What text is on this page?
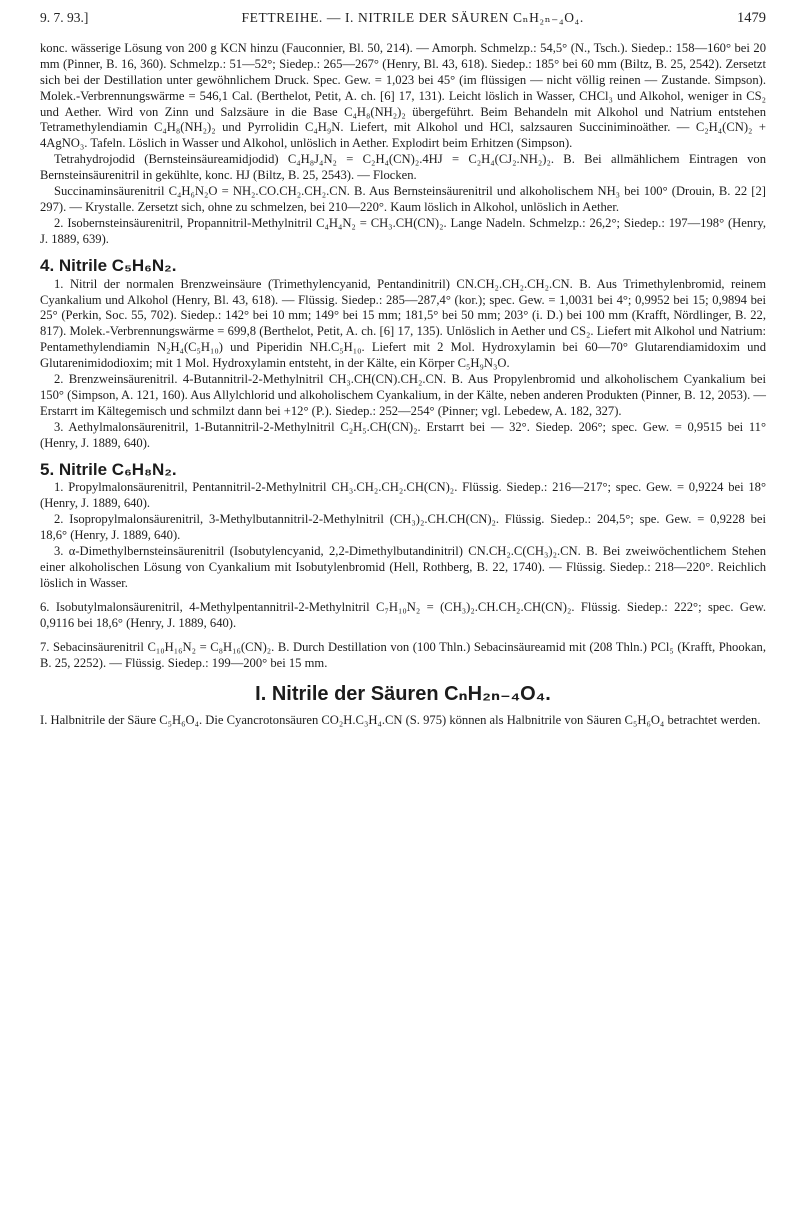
9. 7. 93.]	FETTREIHE. — I. NITRILE DER SÄUREN CₙH₂ₙ₋₄O₄.	1479

konc. wässerige Lösung von 200 g KCN hinzu (Fauconnier, Bl. 50, 214). — Amorph. Schmelzp.: 54,5° (N., Tsch.). Siedep.: 158—160° bei 20 mm (Pinner, B. 16, 360). Schmelzp.: 51—52°; Siedep.: 265—267° (Henry, Bl. 43, 618). Siedep.: 185° bei 60 mm (Biltz, B. 25, 2542). Zersetzt sich bei der Destillation unter gewöhnlichem Druck. Spec. Gew. = 1,023 bei 45° (im flüssigen — nicht völlig reinen — Zustande. Simpson). Molek.-Verbrennungswärme = 546,1 Cal. (Berthelot, Petit, A. ch. [6] 17, 131). Leicht löslich in Wasser, CHCl₃ und Alkohol, weniger in CS₂ und Aether. Wird von Zinn und Salzsäure in die Base C₄H₈(NH₂)₂ übergeführt. Beim Behandeln mit Alkohol und Natrium entstehen Tetramethylendiamin C₄H₈(NH₂)₂ und Pyrrolidin C₄H₉N. Liefert, mit Alkohol und HCl, salzsauren Succiniminoäther. — C₂H₄(CN)₂ + 4AgNO₃. Tafeln. Löslich in Wasser und Alkohol, unlöslich in Aether. Explodirt beim Erhitzen (Simpson).

Tetrahydrojodid (Bernsteinsäureamidjodid) C₄H₈J₄N₂ = C₂H₄(CN)₂.4HJ = C₂H₄(CJ₂.NH₂)₂. B. Bei allmählichem Eintragen von Bernsteinsäurenitril in gekühlte, konc. HJ (Biltz, B. 25, 2543). — Flocken.

Succinaminsäurenitril C₄H₆N₂O = NH₂.CO.CH₂.CH₂.CN. B. Aus Bernsteinsäurenitril und alkoholischem NH₃ bei 100° (Drouin, B. 22 [2] 297). — Krystalle. Zersetzt sich, ohne zu schmelzen, bei 210—220°. Kaum löslich in Alkohol, unlöslich in Aether.

2. Isobernsteinsäurenitril, Propannitril-Methylnitril C₄H₄N₂ = CH₃.CH(CN)₂. Lange Nadeln. Schmelzp.: 26,2°; Siedep.: 197—198° (Henry, J. 1889, 639).

4. Nitrile C₅H₆N₂.

1. Nitril der normalen Brenzweinsäure (Trimethylencyanid, Pentandinitril) CN.CH₂.CH₂.CH₂.CN. B. Aus Trimethylenbromid, reinem Cyankalium und Alkohol (Henry, Bl. 43, 618). — Flüssig. Siedep.: 285—287,4° (kor.); spec. Gew. = 1,0031 bei 4°; 0,9952 bei 15; 0,9894 bei 25° (Perkin, Soc. 55, 702). Siedep.: 142° bei 10 mm; 149° bei 15 mm; 181,5° bei 50 mm; 203° (i. D.) bei 100 mm (Krafft, Nördlinger, B. 22, 817). Molek.-Verbrennungswärme = 699,8 (Berthelot, Petit, A. ch. [6] 17, 135). Unlöslich in Aether und CS₂. Liefert mit Alkohol und Natrium: Pentamethylendiamin N₂H₄(C₅H₁₀) und Piperidin NH.C₅H₁₀. Liefert mit 2 Mol. Hydroxylamin bei 60—70° Glutarendiamidoxim und Glutarenimidodioxim; mit 1 Mol. Hydroxylamin entsteht, in der Kälte, ein Körper C₅H₉N₃O.

2. Brenzweinsäurenitril. 4-Butannitril-2-Methylnitril CH₃.CH(CN).CH₂.CN. B. Aus Propylenbromid und alkoholischem Cyankalium bei 150° (Simpson, A. 121, 160). Aus Allylchlorid und alkoholischem Cyankalium, in der Kälte, neben anderen Produkten (Pinner, B. 12, 2053). — Erstarrt im Kältegemisch und schmilzt dann bei +12° (P.). Siedep.: 252—254° (Pinner; vgl. Lebedew, A. 182, 327).

3. Aethylmalonsäurenitril, 1-Butannitril-2-Methylnitril C₂H₅.CH(CN)₂. Erstarrt bei — 32°. Siedep. 206°; spec. Gew. = 0,9515 bei 11° (Henry, J. 1889, 640).

5. Nitrile C₆H₈N₂.

1. Propylmalonsäurenitril, Pentannitril-2-Methylnitril CH₃.CH₂.CH₂.CH(CN)₂. Flüssig. Siedep.: 216—217°; spec. Gew. = 0,9224 bei 18° (Henry, J. 1889, 640).

2. Isopropylmalonsäurenitril, 3-Methylbutannitril-2-Methylnitril (CH₃)₂.CH.CH(CN)₂. Flüssig. Siedep.: 204,5°; spe. Gew. = 0,9228 bei 18,6° (Henry, J. 1889, 640).

3. α-Dimethylbernsteinsäurenitril (Isobutylencyanid, 2,2-Dimethylbutandinitril) CN.CH₂.C(CH₃)₂.CN. B. Bei zweiwöchentlichem Stehen einer alkoholischen Lösung von Cyankalium mit Isobutylenbromid (Hell, Rothberg, B. 22, 1740). — Flüssig. Siedep.: 218—220°. Reichlich löslich in Wasser.

6. Isobutylmalonsäurenitril, 4-Methylpentannitril-2-Methylnitril C₇H₁₀N₂ = (CH₃)₂.CH.CH₂.CH(CN)₂. Flüssig. Siedep.: 222°; spec. Gew. 0,9116 bei 18,6° (Henry, J. 1889, 640).

7. Sebacinsäurenitril C₁₀H₁₆N₂ = C₈H₁₆(CN)₂. B. Durch Destillation von (100 Thln.) Sebacinsäureamid mit (208 Thln.) PCl₅ (Krafft, Phookan, B. 25, 2252). — Flüssig. Siedep.: 199—200° bei 15 mm.

I. Nitrile der Säuren CₙH₂ₙ₋₄O₄.

I. Halbnitrile der Säure C₅H₆O₄. Die Cyancrotonsäuren CO₂H.C₃H₄.CN (S. 975) können als Halbnitrile von Säuren C₅H₆O₄ betrachtet werden.
